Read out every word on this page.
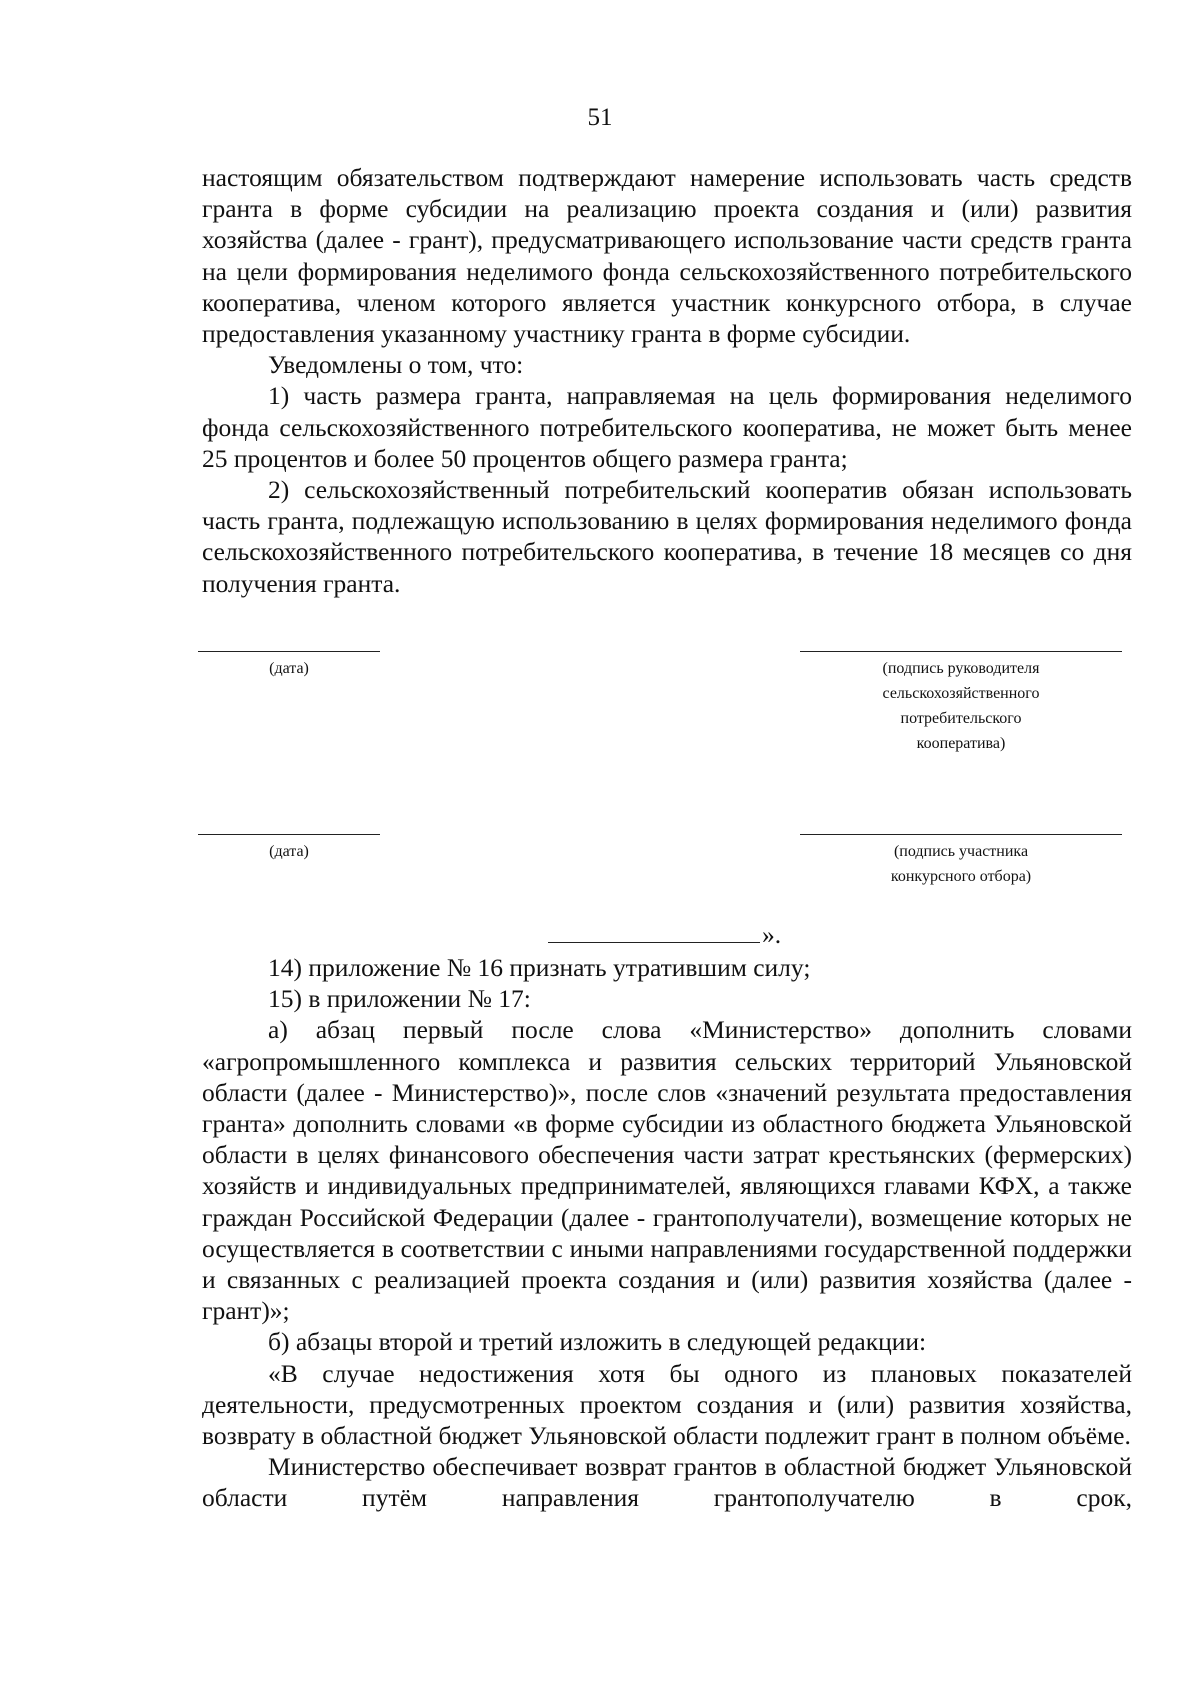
51

настоящим обязательством подтверждают намерение использовать часть средств гранта в форме субсидии на реализацию проекта создания и (или) развития хозяйства (далее - грант), предусматривающего использование части средств гранта на цели формирования неделимого фонда сельскохозяйственного потребительского кооператива, членом которого является участник конкурсного отбора, в случае предоставления указанному участнику гранта в форме субсидии.

Уведомлены о том, что:

1) часть размера гранта, направляемая на цель формирования неделимого фонда сельскохозяйственного потребительского кооператива, не может быть менее 25 процентов и более 50 процентов общего размера гранта;

2) сельскохозяйственный потребительский кооператив обязан использовать часть гранта, подлежащую использованию в целях формирования неделимого фонда сельскохозяйственного потребительского кооператива, в течение 18 месяцев со дня получения гранта.

(дата)	(подпись руководителя
сельскохозяйственного
потребительского
кооператива)
(дата)	(подпись участника
конкурсного отбора)
».

14) приложение № 16 признать утратившим силу;

15) в приложении № 17:

а) абзац первый после слова «Министерство» дополнить словами «агропромышленного комплекса и развития сельских территорий Ульяновской области (далее - Министерство)», после слов «значений результата предоставления гранта» дополнить словами «в форме субсидии из областного бюджета Ульяновской области в целях финансового обеспечения части затрат крестьянских (фермерских) хозяйств и индивидуальных предпринимателей, являющихся главами КФХ, а также граждан Российской Федерации (далее - грантополучатели), возмещение которых не осуществляется в соответствии с иными направлениями государственной поддержки и связанных с реализацией проекта создания и (или) развития хозяйства (далее - грант)»;

б) абзацы второй и третий изложить в следующей редакции:

«В случае недостижения хотя бы одного из плановых показателей деятельности, предусмотренных проектом создания и (или) развития хозяйства, возврату в областной бюджет Ульяновской области подлежит грант в полном объёме.

Министерство обеспечивает возврат грантов в областной бюджет Ульяновской области путём направления грантополучателю в срок,
